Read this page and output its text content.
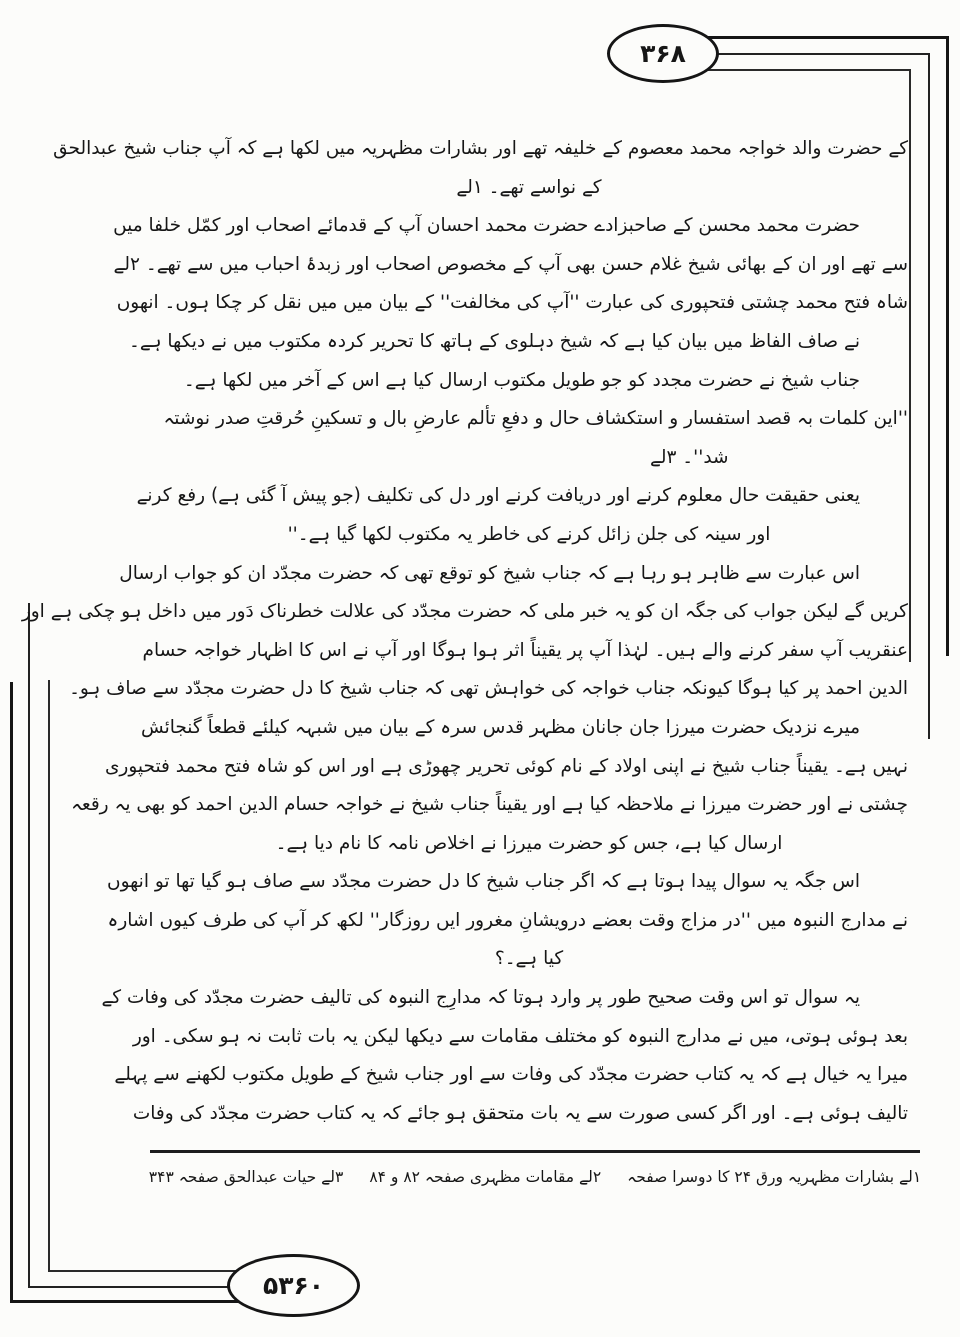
۳۶۸
۵۳۶۰
کے حضرت والد خواجہ محمد معصوم کے خلیفہ تھے اور بشارات مظہریہ میں لکھا ہے کہ آپ جناب شیخ عبدالحق
کے نواسے تھے۔ ۱لے
حضرت محمد محسن کے صاحبزادے حضرت محمد احسان آپ کے قدمائے اصحاب اور کمّل خلفا میں
سے تھے اور ان کے بھائی شیخ غلام حسن بھی آپ کے مخصوص اصحاب اور زبدۂ احباب میں سے تھے۔ ۲لے
شاہ فتح محمد چشتی فتحپوری کی عبارت ''آپ کی مخالفت'' کے بیان میں میں نقل کر چکا ہوں۔ انھوں
نے صاف الفاظ میں بیان کیا ہے کہ شیخ دہلوی کے ہاتھ کا تحریر کردہ مکتوب میں نے دیکھا ہے۔
جناب شیخ نے حضرت مجدد کو جو طویل مکتوب ارسال کیا ہے اس کے آخر میں لکھا ہے۔
''این کلمات بہ قصد استفسار و استکشاف حال و دفعِ تألم عارضِ بال و تسکینِ حُرقتِ صدر نوشتہ
شد''۔ ۳لے
یعنی حقیقت حال معلوم کرنے اور دریافت کرنے اور دل کی تکلیف (جو پیش آ گئی ہے) رفع کرنے
اور سینہ کی جلن زائل کرنے کی خاطر یہ مکتوب لکھا گیا ہے۔''
اس عبارت سے ظاہر ہو رہا ہے کہ جناب شیخ کو توقع تھی کہ حضرت مجدّد ان کو جواب ارسال
کریں گے لیکن جواب کی جگہ ان کو یہ خبر ملی کہ حضرت مجدّد کی علالت خطرناک دَور میں داخل ہو چکی ہے اور
عنقریب آپ سفر کرنے والے ہیں۔ لہٰذا آپ پر یقیناً اثر ہوا ہوگا اور آپ نے اس کا اظہار خواجہ حسام
الدین احمد پر کیا ہوگا کیونکہ جناب خواجہ کی خواہش تھی کہ جناب شیخ کا دل حضرت مجدّد سے صاف ہو۔
میرے نزدیک حضرت میرزا جان جانان مظہر قدس سرہ کے بیان میں شبہہ کیلئے قطعاً گنجائش
نہیں ہے۔ یقیناً جناب شیخ نے اپنی اولاد کے نام کوئی تحریر چھوڑی ہے اور اس کو شاہ فتح محمد فتحپوری
چشتی نے اور حضرت میرزا نے ملاحظہ کیا ہے اور یقیناً جناب شیخ نے خواجہ حسام الدین احمد کو بھی یہ رقعہ
ارسال کیا ہے، جس کو حضرت میرزا نے اخلاص نامہ کا نام دیا ہے۔
اس جگہ یہ سوال پیدا ہوتا ہے کہ اگر جناب شیخ کا دل حضرت مجدّد سے صاف ہو گیا تھا تو انھوں
نے مدارج النبوہ میں ''در مزاج وقت بعضے درویشانِ مغرور ایں روزگار'' لکھ کر آپ کی طرف کیوں اشارہ
کیا ہے۔؟
یہ سوال تو اس وقت صحیح طور پر وارد ہوتا کہ مدارِج النبوہ کی تالیف حضرت مجدّد کی وفات کے
بعد ہوئی ہوتی، میں نے مدارج النبوہ کو مختلف مقامات سے دیکھا لیکن یہ بات ثابت نہ ہو سکی۔ اور
میرا یہ خیال ہے کہ یہ کتاب حضرت مجدّد کی وفات سے اور جناب شیخ کے طویل مکتوب لکھنے سے پہلے
تالیف ہوئی ہے۔ اور اگر کسی صورت سے یہ بات متحقق ہو جائے کہ یہ کتاب حضرت مجدّد کی وفات
۱لے بشارات مظہریہ ورق ۲۴ کا دوسرا صفحہ
۲لے مقامات مظہری صفحہ ۸۲ و ۸۴
۳لے حیات عبدالحق صفحہ ۳۴۳
